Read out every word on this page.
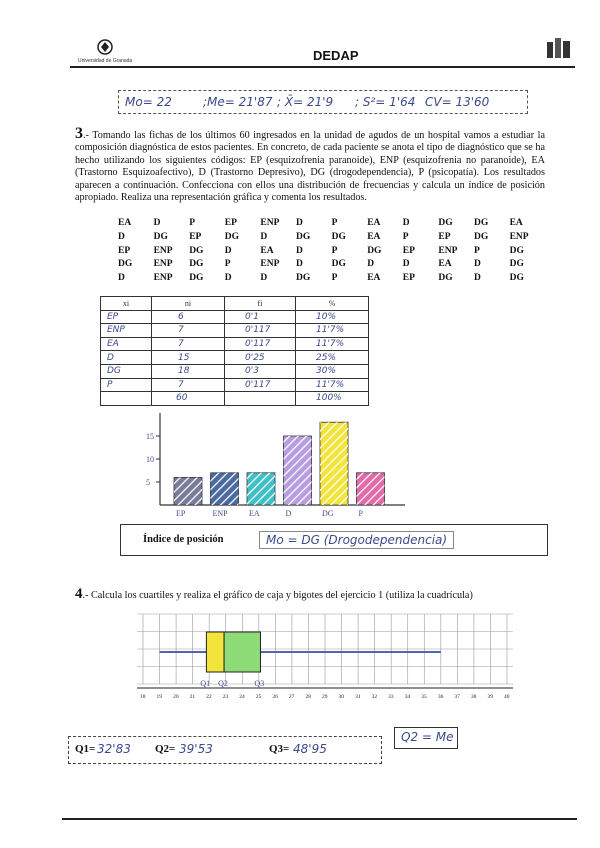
Universidad de Granada	DEDAP
Mo= 22	;Me= 21'87 ; X̄= 21'9 ; S²= 1'64 CV= 13'60
3.- Tomando las fichas de los últimos 60 ingresados en la unidad de agudos de un hospital vamos a estudiar la composición diagnóstica de estos pacientes. En concreto, de cada paciente se anota el tipo de diagnóstico que se ha hecho utilizando los siguientes códigos: EP (esquizofrenia paranoide), ENP (esquizofrenia no paranoide), EA (Trastorno Esquizoafectivo), D (Trastorno Depresivo), DG (drogodependencia), P (psicopatía). Los resultados aparecen a continuación. Confecciona con ellos una distribución de frecuencias y calcula un índice de posición apropiado. Realiza una representación gráfica y comenta los resultados.
EA	D	P	EP	ENP	D	P	EA	D	DG	DG	EA
D	DG	EP	DG	D	DG	DG	EA	P	EP	DG	ENP
EP	ENP	DG	D	EA	D	P	DG	EP	ENP	P	DG
DG	ENP	DG	P	ENP	D	DG	D	D	EA	D	DG
D	ENP	DG	D	D	DG	P	EA	EP	DG	D	DG
xi	ni	fi	%
EP	6	0'1	10%
ENP	7	0'117	11'7%
EA	7	0'117	11'7%
D	15	0'25	25%
DG	18	0'3	30%
P	7	0'117	11'7%
	60		100%
5
10
15
EP	ENP	EA	D	DG	P
Índice de posición	Mo = DG (Drogodependencia)
4.- Calcula los cuartiles y realiza el gráfico de caja y bigotes del ejercicio 1 (utiliza la cuadrícula)
Q1 Q2	Q3
18 19 20 21 22 23 24 25 26 27 28 29 30 31 32 33 34 35 36 37 38 39 40
Q1= 32'83 Q2= 39'53	Q3= 48'95
Q2 = Me
